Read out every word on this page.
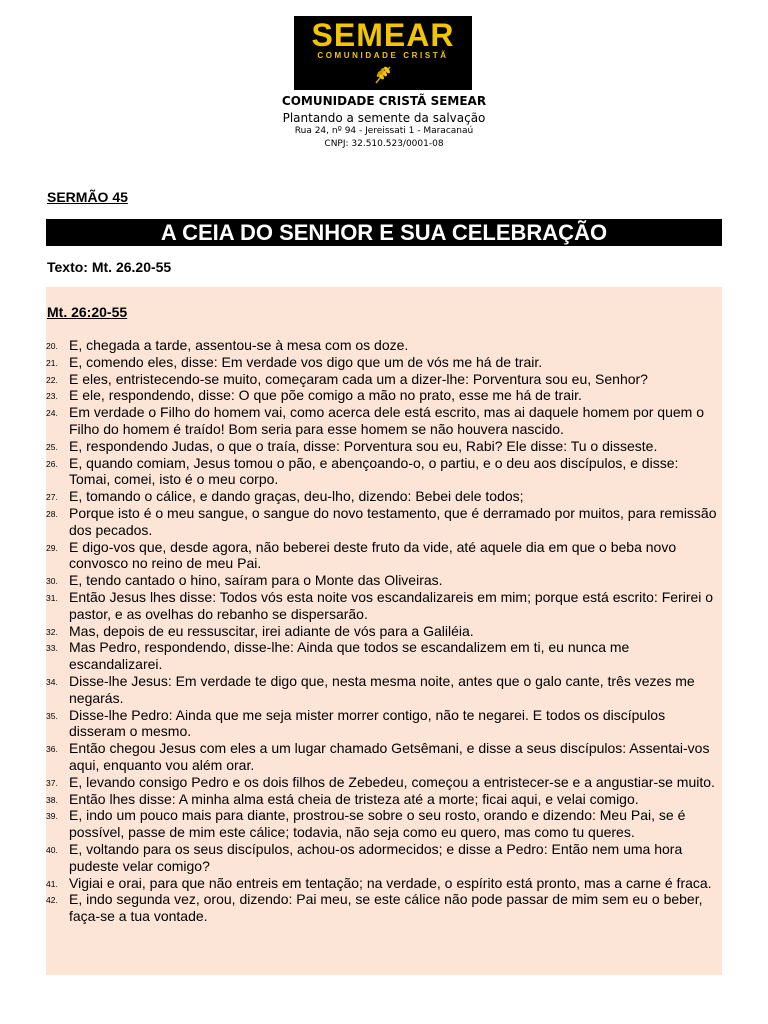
SEMEAR
COMUNIDADE CRISTÃ
COMUNIDADE CRISTÃ SEMEAR
Plantando a semente da salvação
Rua 24, nº 94 - Jereissati 1 - Maracanaú
CNPJ: 32.510.523/0001-08
SERMÃO 45
A CEIA DO SENHOR E SUA CELEBRAÇÃO
Texto: Mt. 26.20-55
Mt. 26:20-55
20. E, chegada a tarde, assentou-se à mesa com os doze.
21. E, comendo eles, disse: Em verdade vos digo que um de vós me há de trair.
22. E eles, entristecendo-se muito, começaram cada um a dizer-lhe: Porventura sou eu, Senhor?
23. E ele, respondendo, disse: O que põe comigo a mão no prato, esse me há de trair.
24. Em verdade o Filho do homem vai, como acerca dele está escrito, mas ai daquele homem por quem o Filho do homem é traído! Bom seria para esse homem se não houvera nascido.
25. E, respondendo Judas, o que o traía, disse: Porventura sou eu, Rabi? Ele disse: Tu o disseste.
26. E, quando comiam, Jesus tomou o pão, e abençoando-o, o partiu, e o deu aos discípulos, e disse: Tomai, comei, isto é o meu corpo.
27. E, tomando o cálice, e dando graças, deu-lho, dizendo: Bebei dele todos;
28. Porque isto é o meu sangue, o sangue do novo testamento, que é derramado por muitos, para remissão dos pecados.
29. E digo-vos que, desde agora, não beberei deste fruto da vide, até aquele dia em que o beba novo convosco no reino de meu Pai.
30. E, tendo cantado o hino, saíram para o Monte das Oliveiras.
31. Então Jesus lhes disse: Todos vós esta noite vos escandalizareis em mim; porque está escrito: Ferirei o pastor, e as ovelhas do rebanho se dispersarão.
32. Mas, depois de eu ressuscitar, irei adiante de vós para a Galiléia.
33. Mas Pedro, respondendo, disse-lhe: Ainda que todos se escandalizem em ti, eu nunca me escandalizarei.
34. Disse-lhe Jesus: Em verdade te digo que, nesta mesma noite, antes que o galo cante, três vezes me negarás.
35. Disse-lhe Pedro: Ainda que me seja mister morrer contigo, não te negarei. E todos os discípulos disseram o mesmo.
36. Então chegou Jesus com eles a um lugar chamado Getsêmani, e disse a seus discípulos: Assentai-vos aqui, enquanto vou além orar.
37. E, levando consigo Pedro e os dois filhos de Zebedeu, começou a entristecer-se e a angustiar-se muito.
38. Então lhes disse: A minha alma está cheia de tristeza até a morte; ficai aqui, e velai comigo.
39. E, indo um pouco mais para diante, prostrou-se sobre o seu rosto, orando e dizendo: Meu Pai, se é possível, passe de mim este cálice; todavia, não seja como eu quero, mas como tu queres.
40. E, voltando para os seus discípulos, achou-os adormecidos; e disse a Pedro: Então nem uma hora pudeste velar comigo?
41. Vigiai e orai, para que não entreis em tentação; na verdade, o espírito está pronto, mas a carne é fraca.
42. E, indo segunda vez, orou, dizendo: Pai meu, se este cálice não pode passar de mim sem eu o beber, faça-se a tua vontade.
